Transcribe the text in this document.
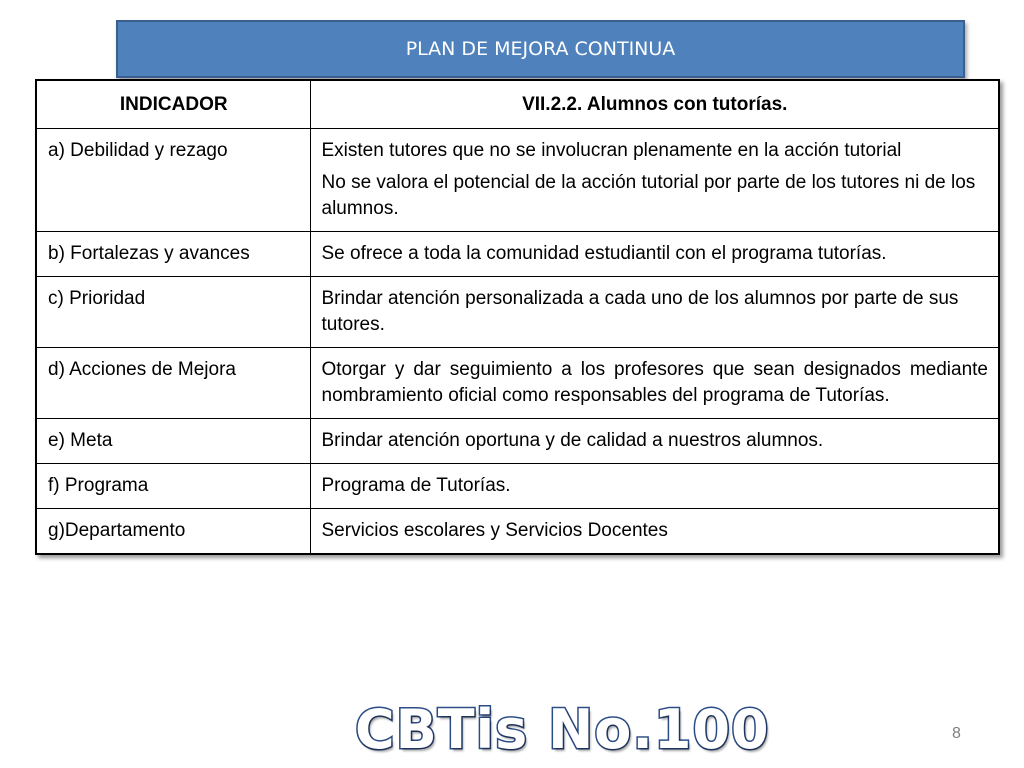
PLAN DE MEJORA CONTINUA
INDICADOR	VII.2.2. Alumnos con tutorías.
a) Debilidad y rezago	Existen tutores que no se involucran plenamente en la acción tutorial

No se valora el potencial de la acción tutorial por parte de los tutores ni de los alumnos.

b) Fortalezas y avances	Se ofrece a toda la comunidad estudiantil con el programa tutorías.

c) Prioridad	Brindar atención personalizada a cada uno de los alumnos por parte de sus tutores.

d) Acciones de Mejora	Otorgar y dar seguimiento a los profesores que sean designados mediante nombramiento oficial como responsables del programa de Tutorías.

e) Meta	Brindar atención oportuna y de calidad a nuestros alumnos.

f) Programa	Programa de Tutorías.

g)Departamento	Servicios escolares y Servicios Docentes

CBTis No.100	8
